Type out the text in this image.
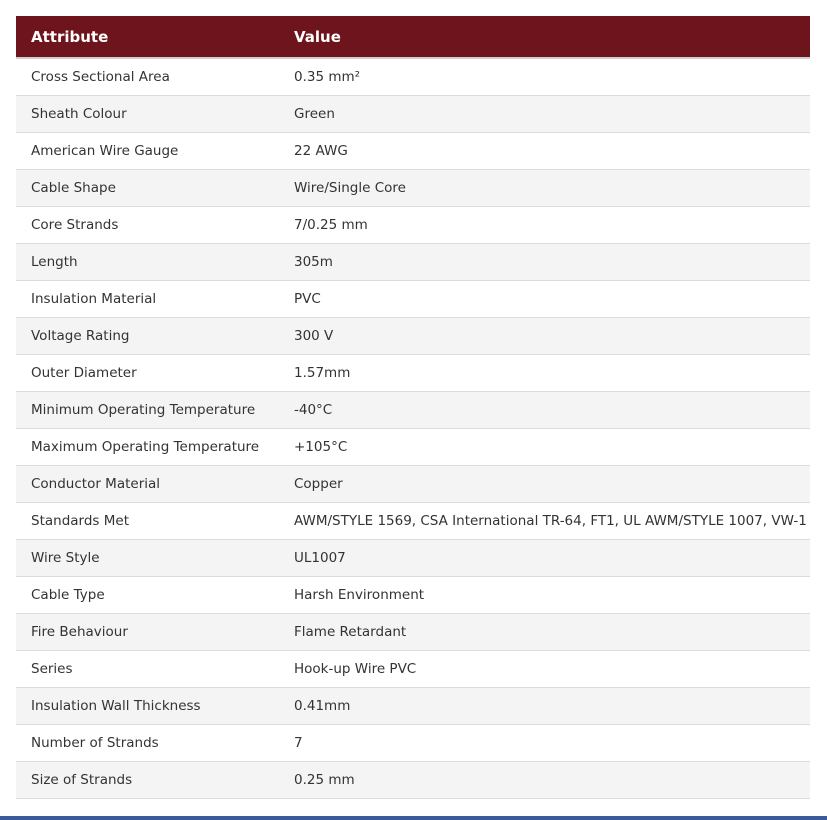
Attribute	Value
Cross Sectional Area	0.35 mm²
Sheath Colour	Green
American Wire Gauge	22 AWG
Cable Shape	Wire/Single Core
Core Strands	7/0.25 mm
Length	305m
Insulation Material	PVC
Voltage Rating	300 V
Outer Diameter	1.57mm
Minimum Operating Temperature	-40°C
Maximum Operating Temperature	+105°C
Conductor Material	Copper
Standards Met	AWM/STYLE 1569, CSA International TR-64, FT1, UL AWM/STYLE 1007, VW-1
Wire Style	UL1007
Cable Type	Harsh Environment
Fire Behaviour	Flame Retardant
Series	Hook-up Wire PVC
Insulation Wall Thickness	0.41mm
Number of Strands	7
Size of Strands	0.25 mm
